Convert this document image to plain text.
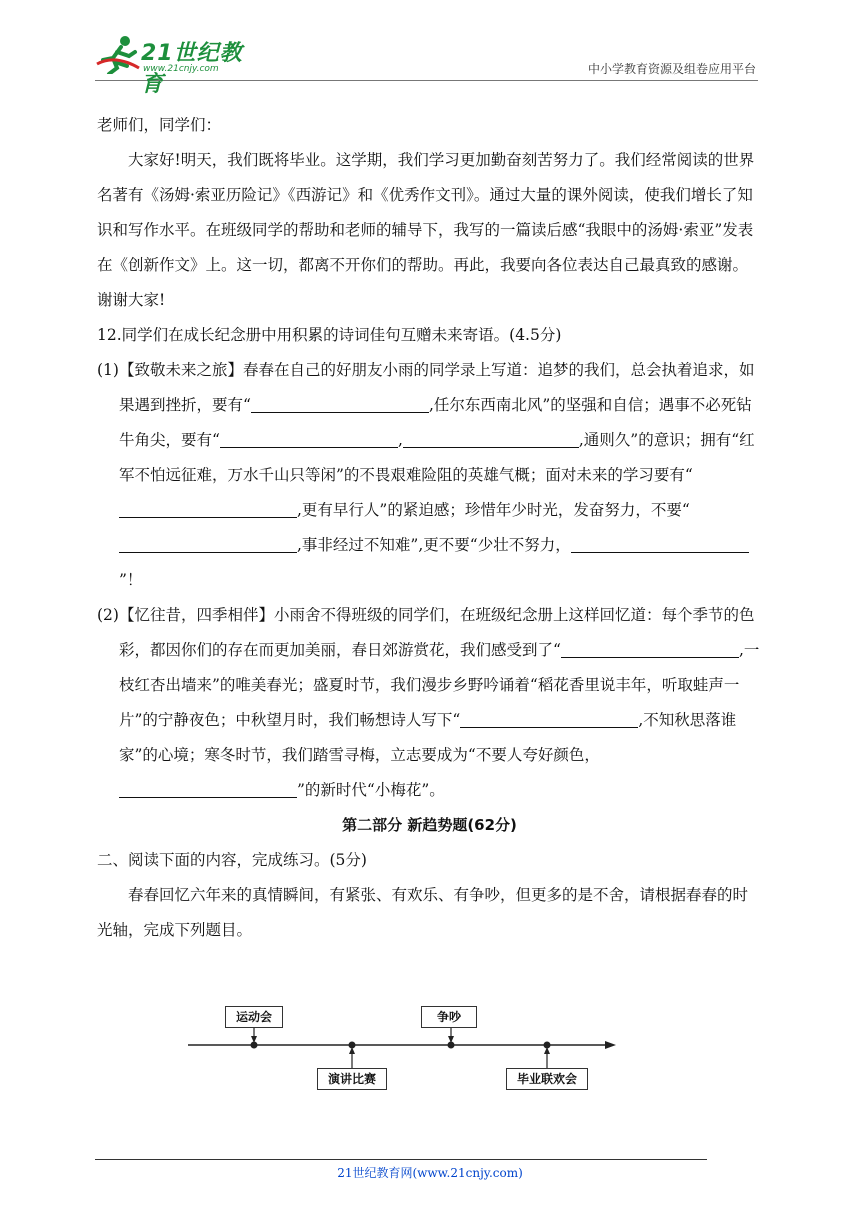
21世纪教育
www.21cnjy.com	中小学教育资源及组卷应用平台

老师们，同学们：

大家好!明天，我们既将毕业。这学期，我们学习更加勤奋刻苦努力了。我们经常阅读的世界名著有《汤姆·索亚历险记》《西游记》和《优秀作文刊》。通过大量的课外阅读，使我们增长了知识和写作水平。在班级同学的帮助和老师的辅导下，我写的一篇读后感“我眼中的汤姆·索亚”发表在《创新作文》上。这一切，都离不开你们的帮助。再此，我要向各位表达自己最真致的感谢。谢谢大家!

12.同学们在成长纪念册中用积累的诗词佳句互赠未来寄语。(4.5分)

(1)【致敬未来之旅】春春在自己的好朋友小雨的同学录上写道：追梦的我们，总会执着追求，如果遇到挫折，要有“	,任尔东西南北风”的坚强和自信；遇事不必死钻牛角尖，要有“	,	,通则久”的意识；拥有“红军不怕远征难，万水千山只等闲”的不畏艰难险阻的英雄气概；面对未来的学习要有“,更有早行人”的紧迫感；珍惜年少时光，发奋努力，不要“,事非经过不知难”,更不要“少壮不努力，”！

(2)【忆往昔，四季相伴】小雨舍不得班级的同学们，在班级纪念册上这样回忆道：每个季节的色彩，都因你们的存在而更加美丽，春日郊游赏花，我们感受到了“	,一枝红杏出墙来”的唯美春光；盛夏时节，我们漫步乡野吟诵着“稻花香里说丰年，听取蛙声一片”的宁静夜色；中秋望月时，我们畅想诗人写下“	,不知秋思落谁家”的心境；寒冬时节，我们踏雪寻梅，立志要成为“不要人夸好颜色，”的新时代“小梅花”。

第二部分 新趋势题(62分)

二、阅读下面的内容，完成练习。(5分)

春春回忆六年来的真情瞬间，有紧张、有欢乐、有争吵，但更多的是不舍，请根据春春的时光轴，完成下列题目。

运动会
演讲比赛
争吵
毕业联欢会
21世纪教育网(www.21cnjy.com)
